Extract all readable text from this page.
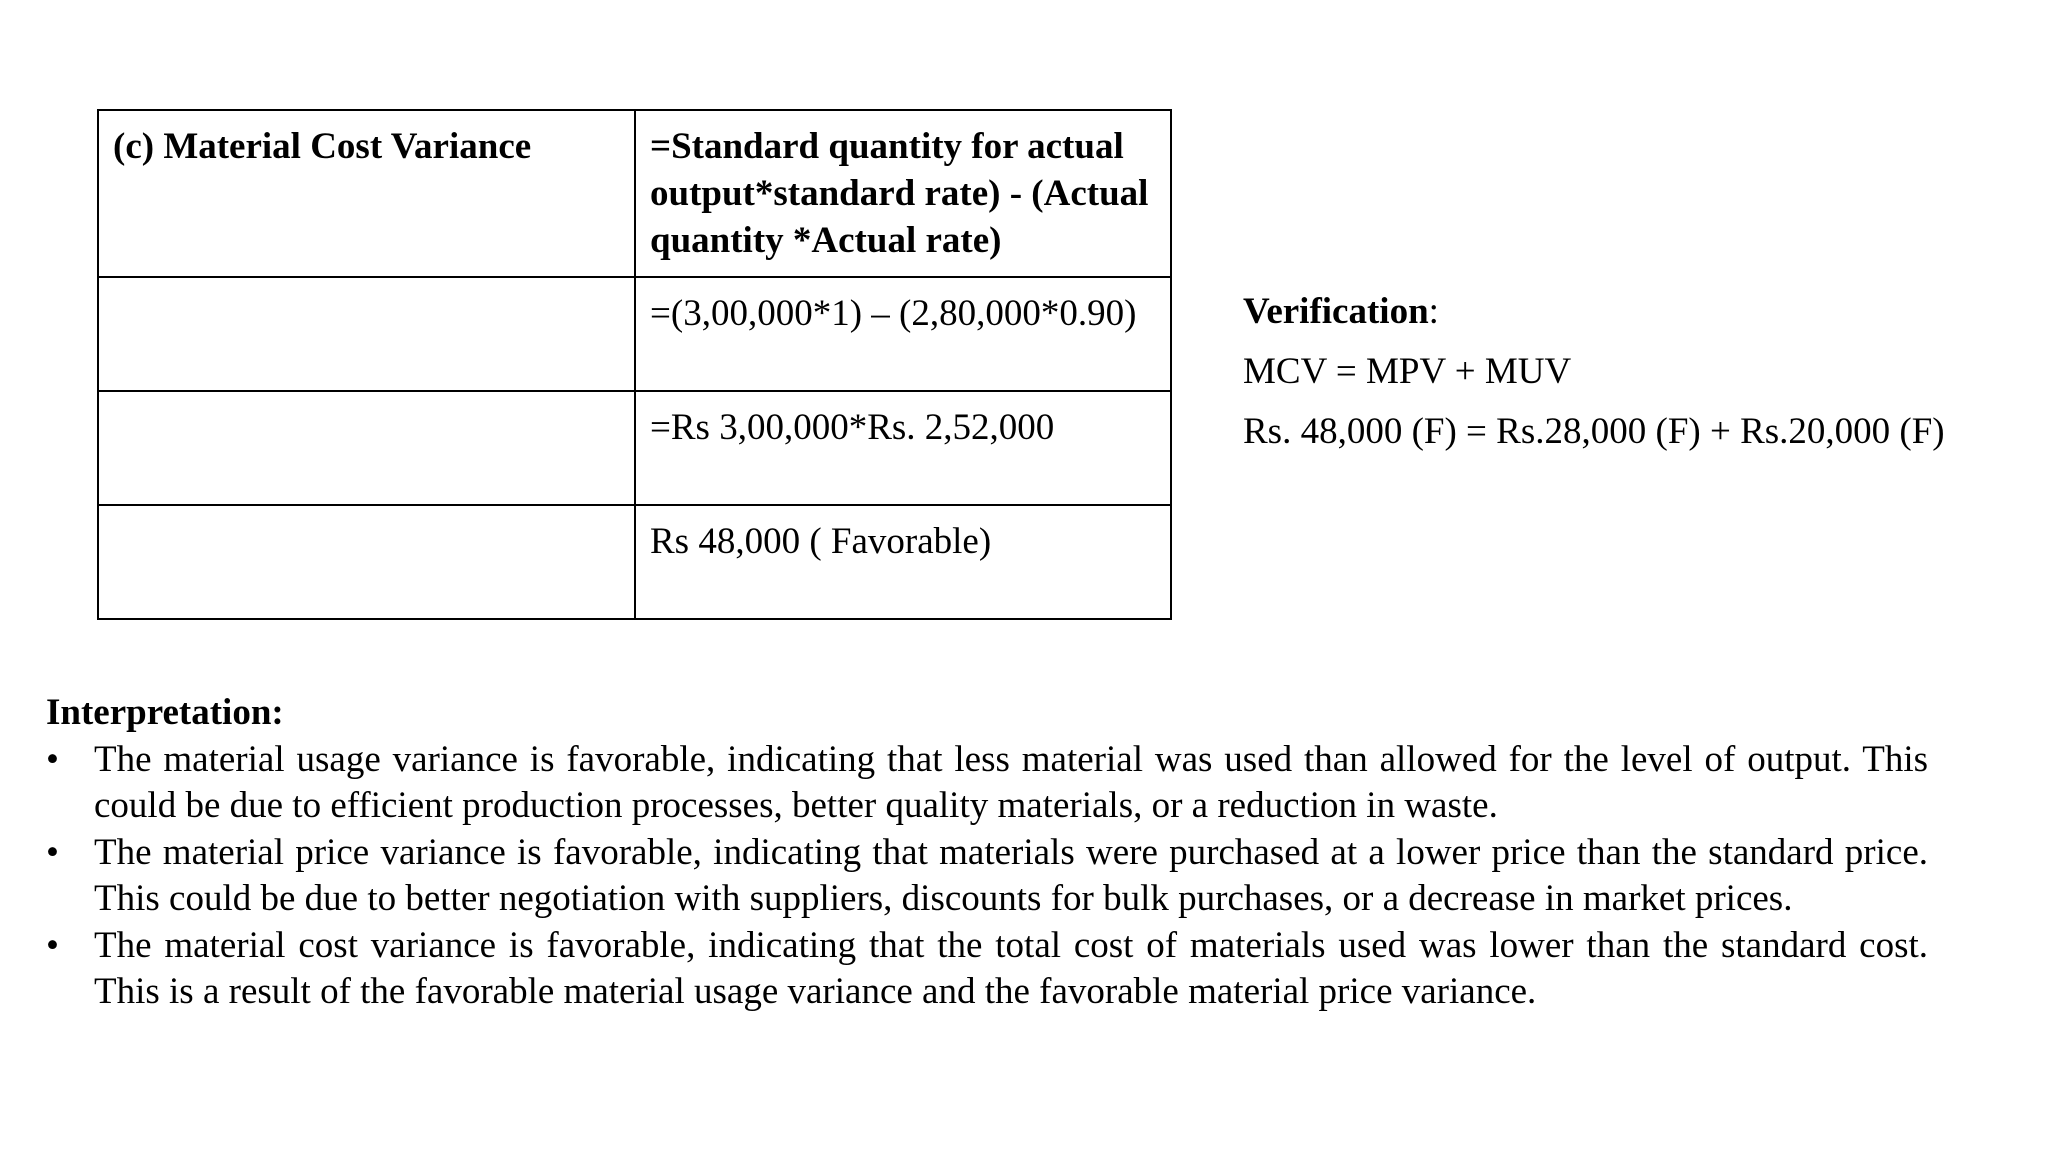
(c) Material Cost Variance	=Standard quantity for actual output*standard rate) - (Actual quantity *Actual rate)
	=(3,00,000*1) – (2,80,000*0.90)
	=Rs 3,00,000*Rs. 2,52,000
	Rs 48,000 ( Favorable)
Verification:
MCV = MPV + MUV
Rs. 48,000 (F) = Rs.28,000 (F) + Rs.20,000 (F)
Interpretation:
• The material usage variance is favorable, indicating that less material was used than allowed for the level of output. This could be due to efficient production processes, better quality materials, or a reduction in waste.
• The material price variance is favorable, indicating that materials were purchased at a lower price than the standard price. This could be due to better negotiation with suppliers, discounts for bulk purchases, or a decrease in market prices.
• The material cost variance is favorable, indicating that the total cost of materials used was lower than the standard cost. This is a result of the favorable material usage variance and the favorable material price variance.
